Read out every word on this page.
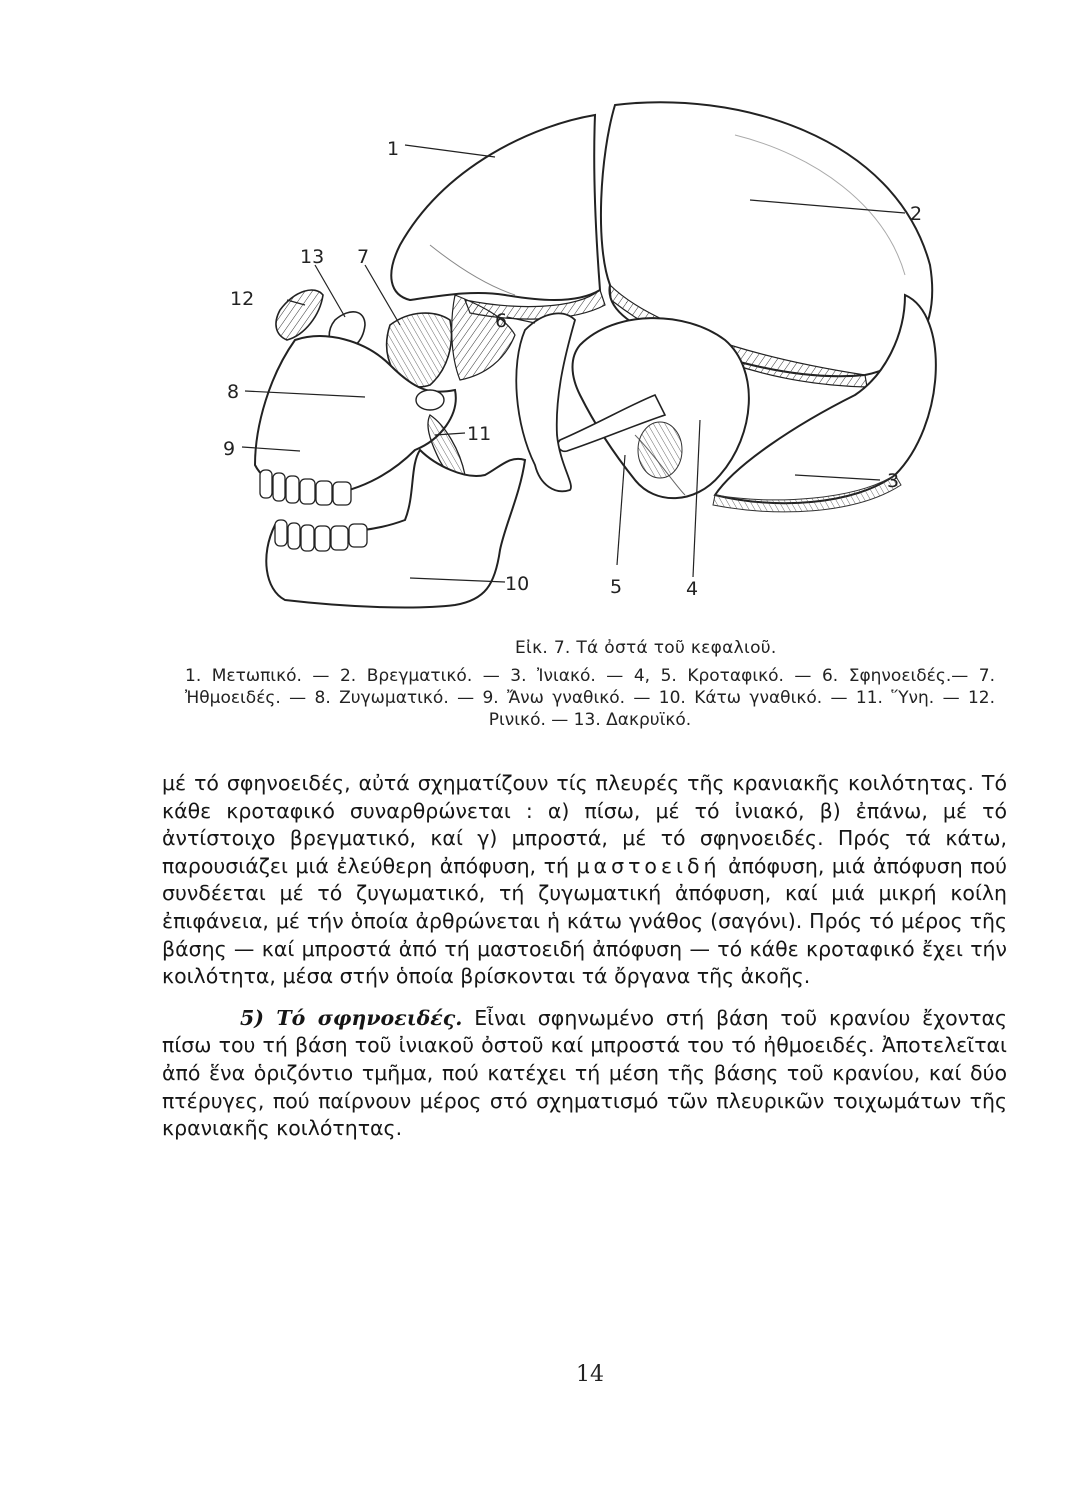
1
2
3
4
5
6
7
8
9
10
11
12
13
Εἰκ. 7. Τά ὀστά τοῦ κεφαλιοῦ.
1. Μετωπικό. — 2. Βρεγματικό. — 3. Ἰνιακό. — 4, 5. Κροταφικό. — 6. Σφηνοειδές.— 7. Ἠθμοειδές. — 8. Ζυγωματικό. — 9. Ἄνω γναθικό. — 10. Κάτω γναθικό. — 11. Ὕνη. — 12. Ρινικό. — 13. Δακρυϊκό.

μέ τό σφηνοειδές, αὐτά σχηματίζουν τίς πλευρές τῆς κρανιακῆς κοιλότητας. Τό κάθε κροταφικό συναρθρώνεται : α) πίσω, μέ τό ἰνιακό, β) ἐπάνω, μέ τό ἀντίστοιχο βρεγματικό, καί γ) μπροστά, μέ τό σφηνοειδές. Πρός τά κάτω, παρουσιάζει μιά ἐλεύθερη ἀπόφυση, τή μαστοειδή ἀπόφυση, μιά ἀπόφυση πού συνδέεται μέ τό ζυγωματικό, τή ζυγωματική ἀπόφυση, καί μιά μικρή κοίλη ἐπιφάνεια, μέ τήν ὁποία ἀρθρώνεται ἡ κάτω γνάθος (σαγόνι). Πρός τό μέρος τῆς βάσης — καί μπροστά ἀπό τή μαστοειδή ἀπόφυση — τό κάθε κροταφικό ἔχει τήν κοιλότητα, μέσα στήν ὁποία βρίσκονται τά ὄργανα τῆς ἀκοῆς.

5) Τό σφηνοειδές. Εἶναι σφηνωμένο στή βάση τοῦ κρανίου ἔχοντας πίσω του τή βάση τοῦ ἰνιακοῦ ὀστοῦ καί μπροστά του τό ἠθμοειδές. Ἀποτελεῖται ἀπό ἕνα ὁριζόντιο τμῆμα, πού κατέχει τή μέση τῆς βάσης τοῦ κρανίου, καί δύο πτέρυγες, πού παίρνουν μέρος στό σχηματισμό τῶν πλευρικῶν τοιχωμάτων τῆς κρανιακῆς κοιλότητας.

14
